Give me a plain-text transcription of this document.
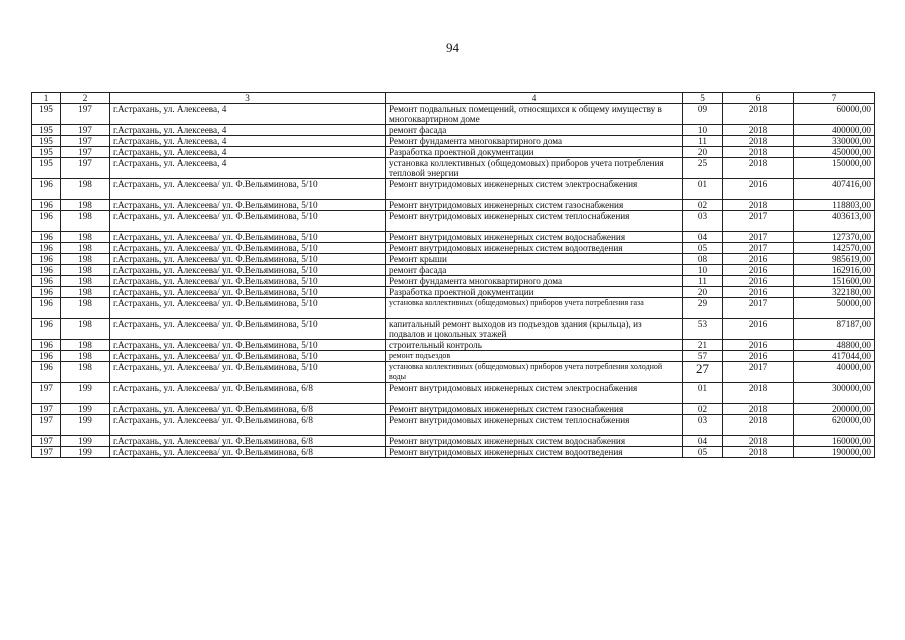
94
1	2	3	4	5	6	7
195	197	г.Астрахань, ул. Алексеева, 4	Ремонт подвальных помещений, относящихся к общему имуществу в многоквартирном доме	09	2018	60000,00
195	197	г.Астрахань, ул. Алексеева, 4	ремонт фасада	10	2018	400000,00
195	197	г.Астрахань, ул. Алексеева, 4	Ремонт фундамента многоквартирного дома	11	2018	330000,00
195	197	г.Астрахань, ул. Алексеева, 4	Разработка проектной документации	20	2018	450000,00
195	197	г.Астрахань, ул. Алексеева, 4	установка коллективных (общедомовых) приборов учета потребления тепловой энергии	25	2018	150000,00
196	198	г.Астрахань, ул. Алексеева/ ул. Ф.Вельяминова, 5/10	Ремонт внутридомовых инженерных систем электроснабжения	01	2016	407416,00
196	198	г.Астрахань, ул. Алексеева/ ул. Ф.Вельяминова, 5/10	Ремонт внутридомовых инженерных систем газоснабжения	02	2018	118803,00
196	198	г.Астрахань, ул. Алексеева/ ул. Ф.Вельяминова, 5/10	Ремонт внутридомовых инженерных систем теплоснабжения	03	2017	403613,00
196	198	г.Астрахань, ул. Алексеева/ ул. Ф.Вельяминова, 5/10	Ремонт внутридомовых инженерных систем водоснабжения	04	2017	127370,00
196	198	г.Астрахань, ул. Алексеева/ ул. Ф.Вельяминова, 5/10	Ремонт внутридомовых инженерных систем водоотведения	05	2017	142570,00
196	198	г.Астрахань, ул. Алексеева/ ул. Ф.Вельяминова, 5/10	Ремонт крыши	08	2016	985619,00
196	198	г.Астрахань, ул. Алексеева/ ул. Ф.Вельяминова, 5/10	ремонт фасада	10	2016	162916,00
196	198	г.Астрахань, ул. Алексеева/ ул. Ф.Вельяминова, 5/10	Ремонт фундамента многоквартирного дома	11	2016	151600,00
196	198	г.Астрахань, ул. Алексеева/ ул. Ф.Вельяминова, 5/10	Разработка проектной документации	20	2016	322180,00
196	198	г.Астрахань, ул. Алексеева/ ул. Ф.Вельяминова, 5/10	установка коллективных (общедомовых) приборов учета потребления газа	29	2017	50000,00
196	198	г.Астрахань, ул. Алексеева/ ул. Ф.Вельяминова, 5/10	капитальный ремонт выходов из подъездов здания (крыльца), из подвалов и цокольных этажей	53	2016	87187,00
196	198	г.Астрахань, ул. Алексеева/ ул. Ф.Вельяминова, 5/10	строительный контроль	21	2016	48800,00
196	198	г.Астрахань, ул. Алексеева/ ул. Ф.Вельяминова, 5/10	ремонт подъездов	57	2016	417044,00
196	198	г.Астрахань, ул. Алексеева/ ул. Ф.Вельяминова, 5/10	установка коллективных (общедомовых) приборов учета потребления холодной воды	27	2017	40000,00
197	199	г.Астрахань, ул. Алексеева/ ул. Ф.Вельяминова, 6/8	Ремонт внутридомовых инженерных систем электроснабжения	01	2018	300000,00
197	199	г.Астрахань, ул. Алексеева/ ул. Ф.Вельяминова, 6/8	Ремонт внутридомовых инженерных систем газоснабжения	02	2018	200000,00
197	199	г.Астрахань, ул. Алексеева/ ул. Ф.Вельяминова, 6/8	Ремонт внутридомовых инженерных систем теплоснабжения	03	2018	620000,00
197	199	г.Астрахань, ул. Алексеева/ ул. Ф.Вельяминова, 6/8	Ремонт внутридомовых инженерных систем водоснабжения	04	2018	160000,00
197	199	г.Астрахань, ул. Алексеева/ ул. Ф.Вельяминова, 6/8	Ремонт внутридомовых инженерных систем водоотведения	05	2018	190000,00
